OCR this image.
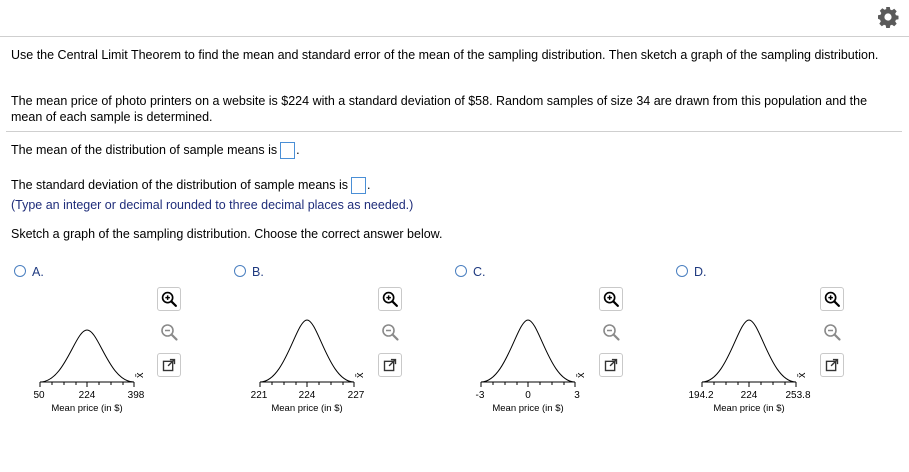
Use the Central Limit Theorem to find the mean and standard error of the mean of the sampling distribution. Then sketch a graph of the sampling distribution.
The mean price of photo printers on a website is $224 with a standard deviation of $58. Random samples of size 34 are drawn from this population and the mean of each sample is determined.
The mean of the distribution of sample means is .
The standard deviation of the distribution of sample means is .
(Type an integer or decimal rounded to three decimal places as needed.)
Sketch a graph of the sampling distribution. Choose the correct answer below.
A.	B.	C.	D.
x̄
50	224	398
Mean price (in $)
x̄
221	224	227
Mean price (in $)
x̄
-3	0	3
Mean price (in $)
x̄
194.2	224	253.8
Mean price (in $)
